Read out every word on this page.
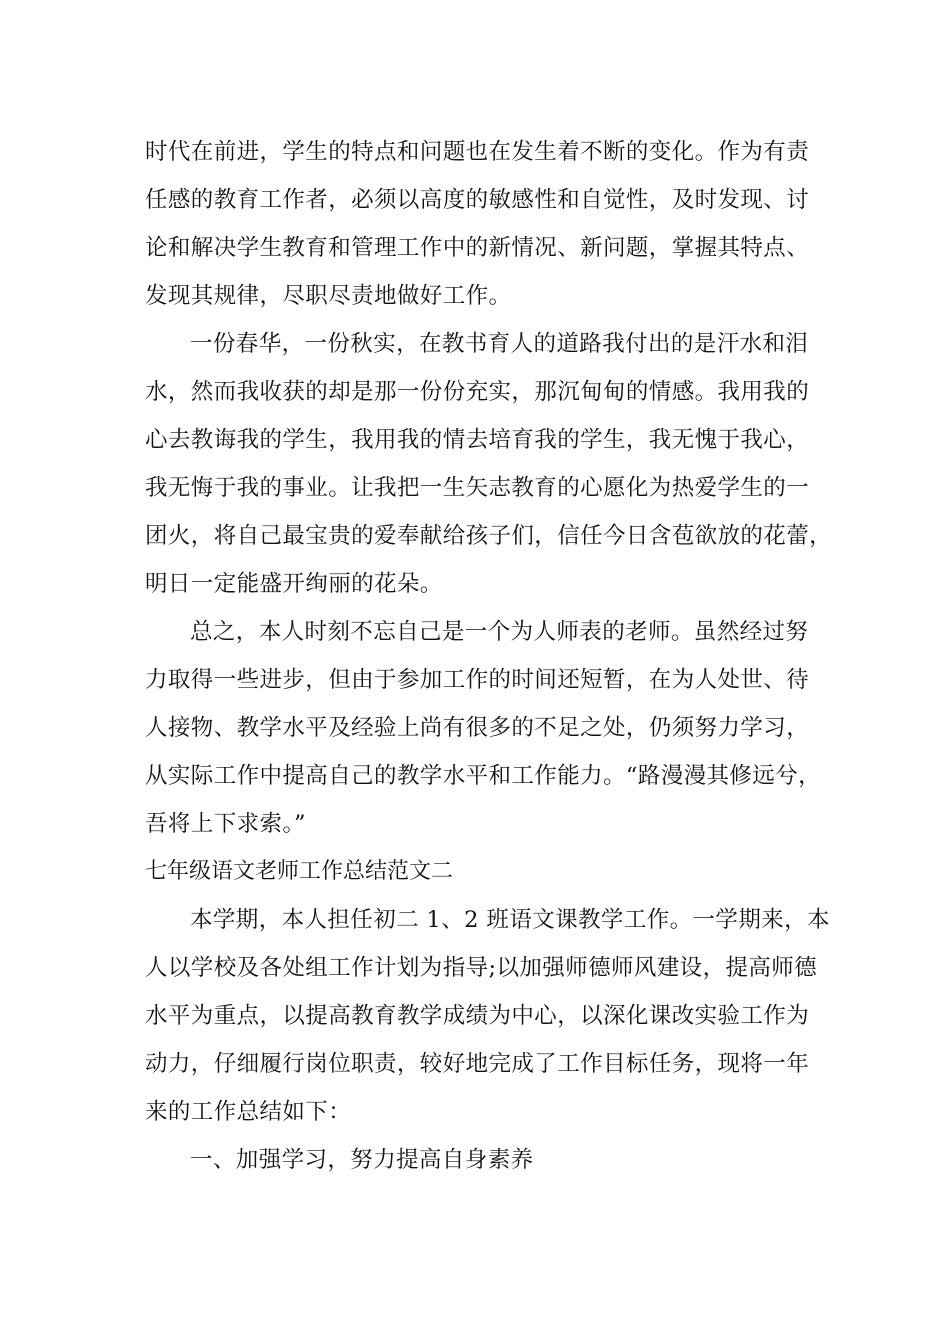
时代在前进，学生的特点和问题也在发生着不断的变化。作为有责

任感的教育工作者，必须以高度的敏感性和自觉性，及时发现、讨

论和解决学生教育和管理工作中的新情况、新问题，掌握其特点、

发现其规律，尽职尽责地做好工作。

一份春华，一份秋实，在教书育人的道路我付出的是汗水和泪

水，然而我收获的却是那一份份充实，那沉甸甸的情感。我用我的

心去教诲我的学生，我用我的情去培育我的学生，我无愧于我心，

我无悔于我的事业。让我把一生矢志教育的心愿化为热爱学生的一

团火，将自己最宝贵的爱奉献给孩子们，信任今日含苞欲放的花蕾，

明日一定能盛开绚丽的花朵。

总之，本人时刻不忘自己是一个为人师表的老师。虽然经过努

力取得一些进步，但由于参加工作的时间还短暂，在为人处世、待

人接物、教学水平及经验上尚有很多的不足之处，仍须努力学习，

从实际工作中提高自己的教学水平和工作能力。“路漫漫其修远兮，

吾将上下求索。”

七年级语文老师工作总结范文二

本学期，本人担任初二 1、2 班语文课教学工作。一学期来，本

人以学校及各处组工作计划为指导;以加强师德师风建设，提高师德

水平为重点，以提高教育教学成绩为中心，以深化课改实验工作为

动力，仔细履行岗位职责，较好地完成了工作目标任务，现将一年

来的工作总结如下：

一、加强学习，努力提高自身素养
